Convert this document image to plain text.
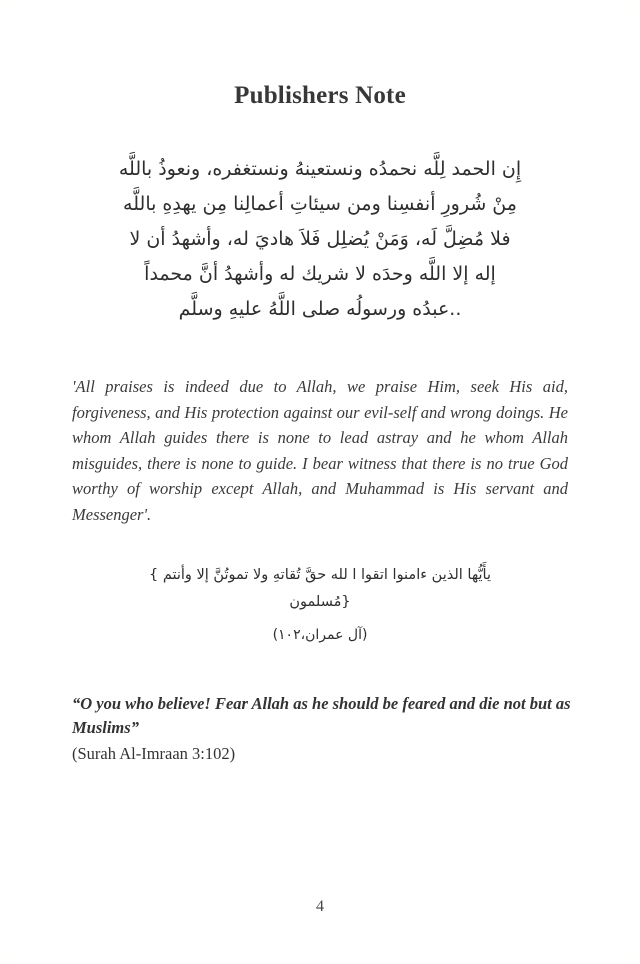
Publishers Note
إِن الحمد لِلَّه نحمدُه ونستعينهُ ونستغفره، ونعوذُ باللَّه
مِنْ شُرورِ أنفسِنا ومن سيئاتِ أعمالِنا مِن يهدِهِ باللَّه
فلا مُضِلَّ لَه، وَمَنْ يُضلِل فَلاَ هاديَ له، وأشهدُ أن لا
إله إلا اللَّه وحدَه لا شريك له وأشهدُ أنَّ محمداً
..عبدُه ورسولُه صلى اللَّهُ عليهِ وسلَّم
'All praises is indeed due to Allah, we praise Him, seek His aid, forgiveness, and His protection against our evil-self and wrong doings. He whom Allah guides there is none to lead astray and he whom Allah misguides, there is none to guide. I bear witness that there is no true God worthy of worship except Allah, and Muhammad is His servant and Messenger'.
يأَيُّها الذين ءامنوا اتقوا ا لله حقَّ تُقاتهِ ولا تموتُنَّ إلا وأنتم }
{مُسلمون
(آل عمران،١٠٢)

“O you who believe! Fear Allah as he should be feared and die not but as Muslims”

(Surah Al-Imraan 3:102)

4
